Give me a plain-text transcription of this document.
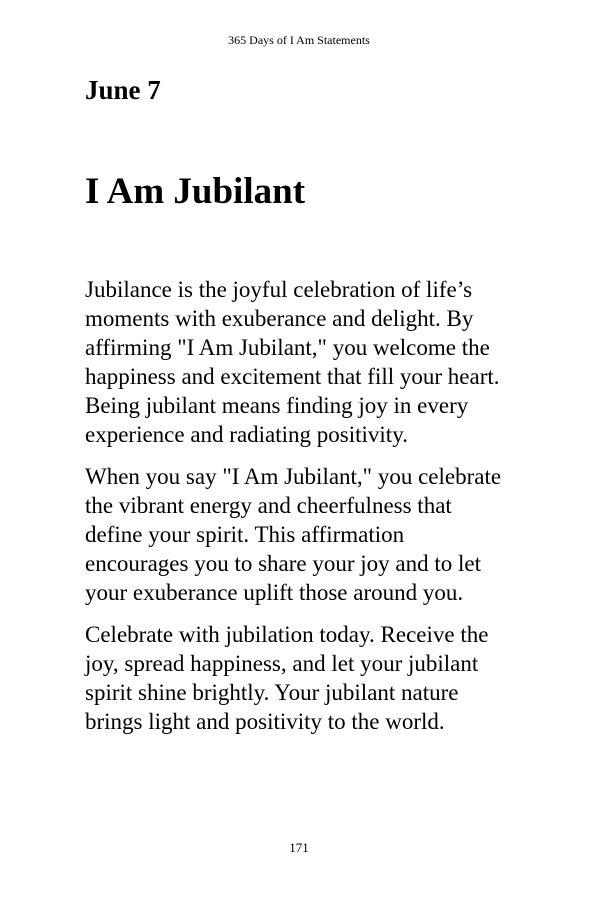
365 Days of I Am Statements
June 7
I Am Jubilant

Jubilance is the joyful celebration of life’s
moments with exuberance and delight. By
affirming "I Am Jubilant," you welcome the
happiness and excitement that fill your heart.
Being jubilant means finding joy in every
experience and radiating positivity.

When you say "I Am Jubilant," you celebrate
the vibrant energy and cheerfulness that
define your spirit. This affirmation
encourages you to share your joy and to let
your exuberance uplift those around you.

Celebrate with jubilation today. Receive the
joy, spread happiness, and let your jubilant
spirit shine brightly. Your jubilant nature
brings light and positivity to the world.

171
